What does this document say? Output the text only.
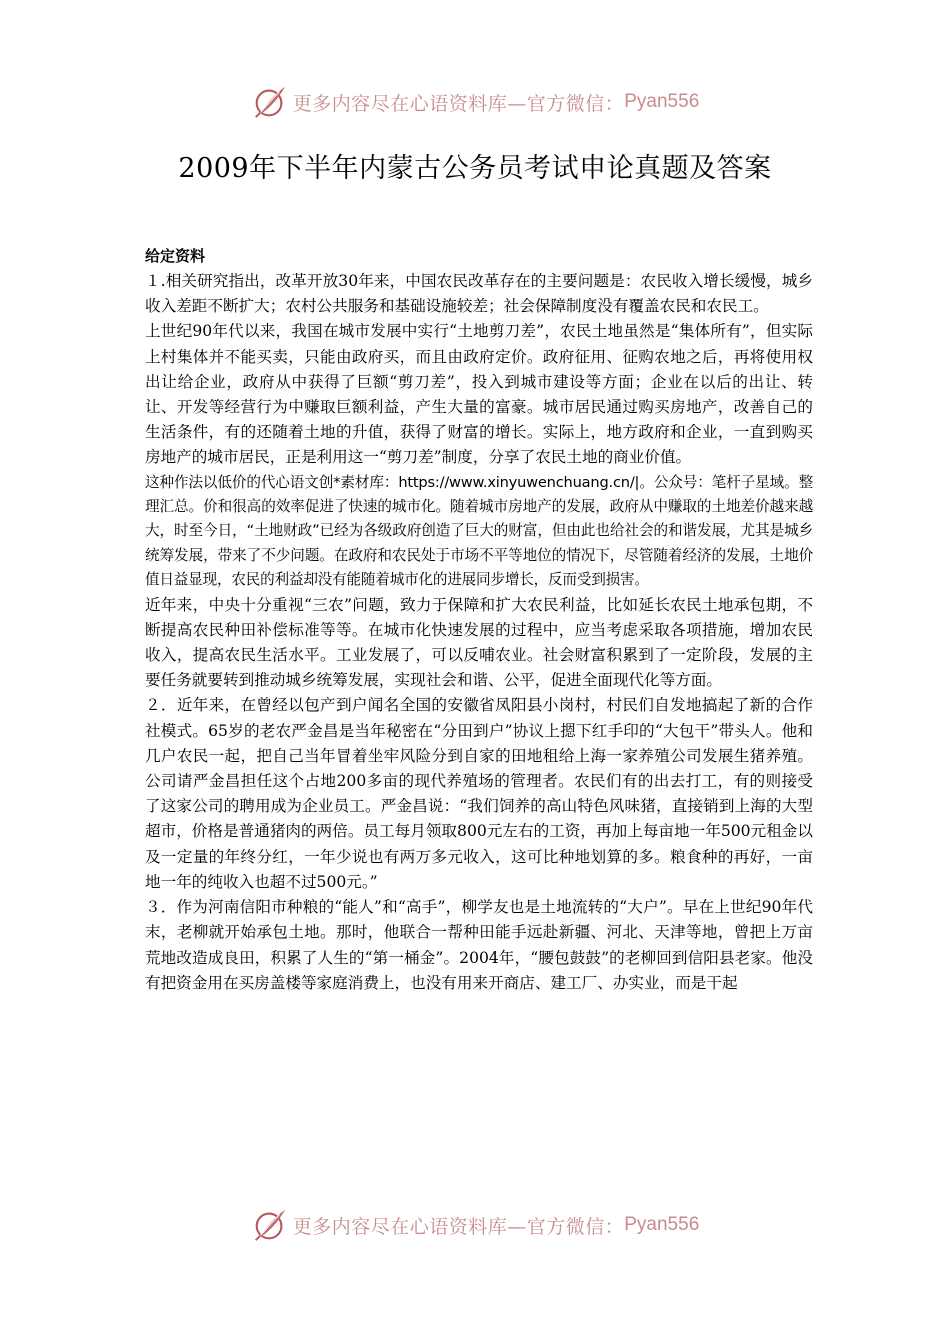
更多内容尽在心语资料库—官方微信： Pyan556
2009年下半年内蒙古公务员考试申论真题及答案

给定资料

１.相关研究指出，改革开放30年来，中国农民改革存在的主要问题是：农民收入增长缓慢，城乡收入差距不断扩大；农村公共服务和基础设施较差；社会保障制度没有覆盖农民和农民工。

上世纪90年代以来，我国在城市发展中实行“土地剪刀差”，农民土地虽然是“集体所有”，但实际上村集体并不能买卖，只能由政府买，而且由政府定价。政府征用、征购农地之后，再将使用权出让给企业，政府从中获得了巨额“剪刀差”，投入到城市建设等方面；企业在以后的出让、转让、开发等经营行为中赚取巨额利益，产生大量的富豪。城市居民通过购买房地产，改善自己的生活条件，有的还随着土地的升值，获得了财富的增长。实际上，地方政府和企业，一直到购买房地产的城市居民，正是利用这一“剪刀差”制度，分享了农民土地的商业价值。

这种作法以低价的代心语文创*素材库：https://www.xinyuwenchuang.cn/|。公众号：笔杆子星域。整理汇总。价和很高的效率促进了快速的城市化。随着城市房地产的发展，政府从中赚取的土地差价越来越大，时至今日，“土地财政”已经为各级政府创造了巨大的财富，但由此也给社会的和谐发展，尤其是城乡统筹发展，带来了不少问题。在政府和农民处于市场不平等地位的情况下，尽管随着经济的发展，土地价值日益显现，农民的利益却没有能随着城市化的进展同步增长，反而受到损害。

近年来，中央十分重视“三农”问题，致力于保障和扩大农民利益，比如延长农民土地承包期，不断提高农民种田补偿标准等等。在城市化快速发展的过程中，应当考虑采取各项措施，增加农民收入，提高农民生活水平。工业发展了，可以反哺农业。社会财富积累到了一定阶段，发展的主要任务就要转到推动城乡统筹发展，实现社会和谐、公平，促进全面现代化等方面。

２．近年来，在曾经以包产到户闻名全国的安徽省凤阳县小岗村，村民们自发地搞起了新的合作社模式。65岁的老农严金昌是当年秘密在“分田到户”协议上摁下红手印的“大包干”带头人。他和几户农民一起，把自己当年冒着坐牢风险分到自家的田地租给上海一家养殖公司发展生猪养殖。公司请严金昌担任这个占地200多亩的现代养殖场的管理者。农民们有的出去打工，有的则接受了这家公司的聘用成为企业员工。严金昌说：“我们饲养的高山特色风味猪，直接销到上海的大型超市，价格是普通猪肉的两倍。员工每月领取800元左右的工资，再加上每亩地一年500元租金以及一定量的年终分红，一年少说也有两万多元收入，这可比种地划算的多。粮食种的再好，一亩地一年的纯收入也超不过500元。”

３．作为河南信阳市种粮的“能人”和“高手”，柳学友也是土地流转的“大户”。早在上世纪90年代末，老柳就开始承包土地。那时，他联合一帮种田能手远赴新疆、河北、天津等地，曾把上万亩荒地改造成良田，积累了人生的“第一桶金”。2004年，“腰包鼓鼓”的老柳回到信阳县老家。他没有把资金用在买房盖楼等家庭消费上，也没有用来开商店、建工厂、办实业，而是干起

更多内容尽在心语资料库—官方微信： Pyan556
